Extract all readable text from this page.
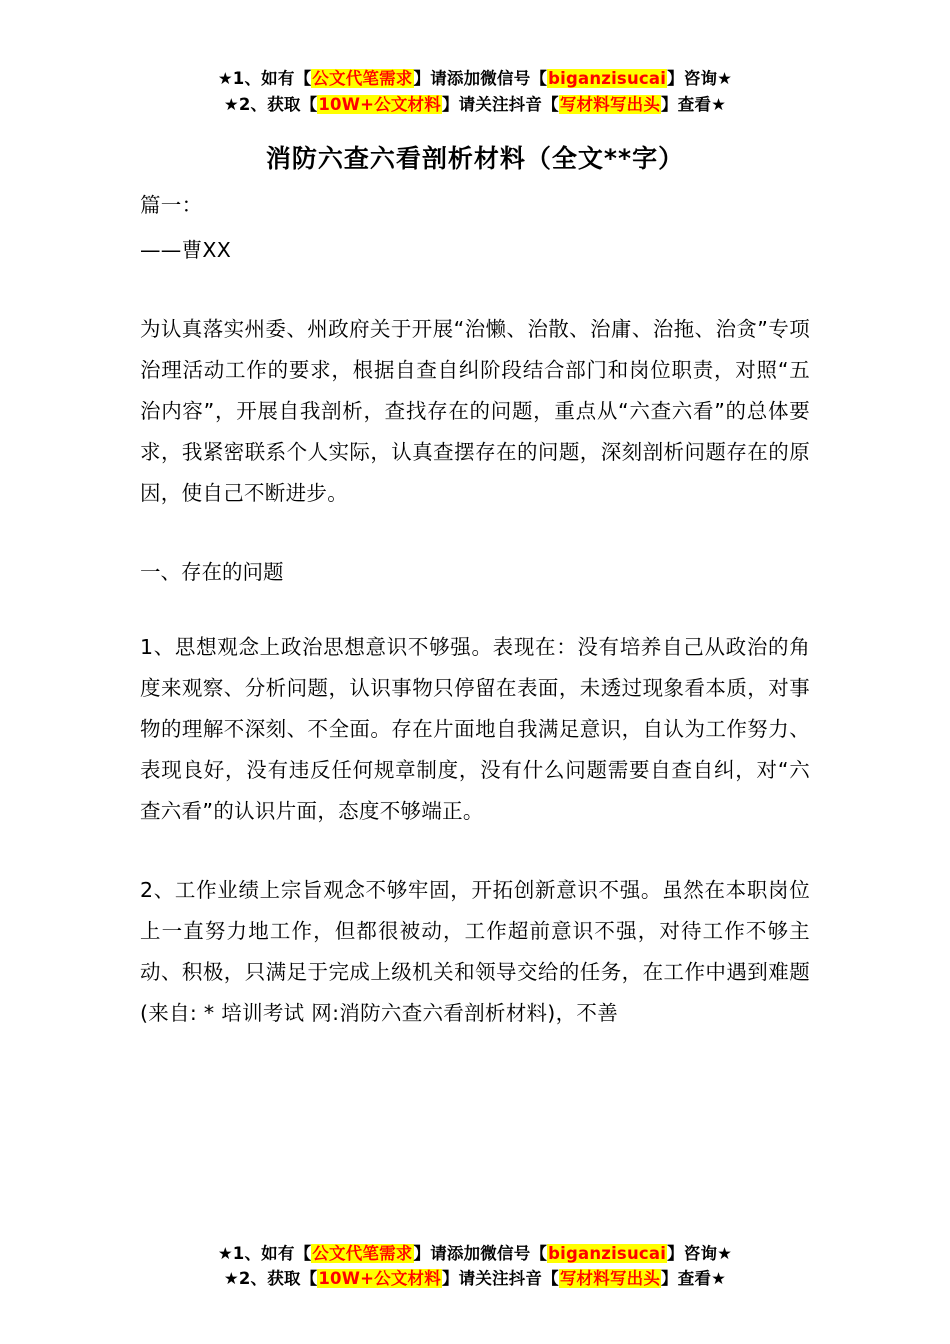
★1、如有【公文代笔需求】请添加微信号【biganzisucai】咨询★
★2、获取【10W+公文材料】请关注抖音【写材料写出头】查看★
消防六查六看剖析材料（全文**字）

篇一：

——曹XX

为认真落实州委、州政府关于开展“治懒、治散、治庸、治拖、治贪”专项治理活动工作的要求，根据自查自纠阶段结合部门和岗位职责，对照“五治内容”，开展自我剖析，查找存在的问题，重点从“六查六看”的总体要求，我紧密联系个人实际，认真查摆存在的问题，深刻剖析问题存在的原因，使自己不断进步。

一、存在的问题

1、思想观念上政治思想意识不够强。表现在：没有培养自己从政治的角度来观察、分析问题，认识事物只停留在表面，未透过现象看本质，对事物的理解不深刻、不全面。存在片面地自我满足意识，自认为工作努力、表现良好，没有违反任何规章制度，没有什么问题需要自查自纠，对“六查六看”的认识片面，态度不够端正。

2、工作业绩上宗旨观念不够牢固，开拓创新意识不强。虽然在本职岗位上一直努力地工作，但都很被动，工作超前意识不强，对待工作不够主动、积极，只满足于完成上级机关和领导交给的任务，在工作中遇到难题(来自: * 培训考试 网:消防六查六看剖析材料)，不善

★1、如有【公文代笔需求】请添加微信号【biganzisucai】咨询★
★2、获取【10W+公文材料】请关注抖音【写材料写出头】查看★
